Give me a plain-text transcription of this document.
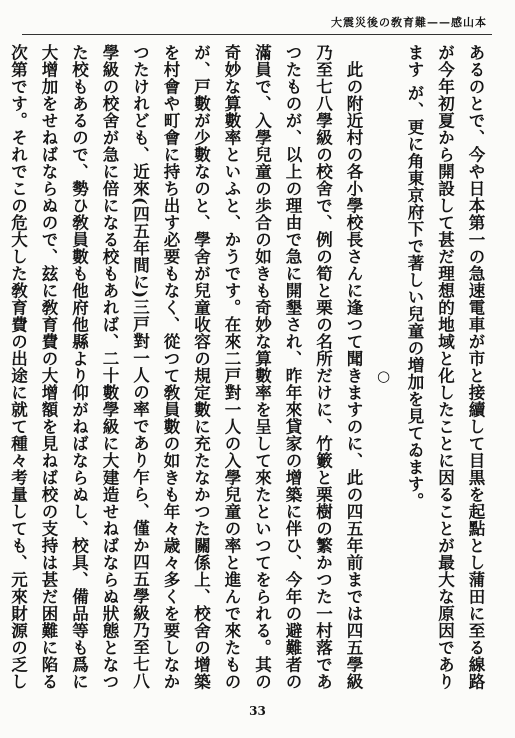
大震災後の敎育難——感山本

あるのとで、今や日本第一の急速電車が市と接續して目黒を起點とし蒲田に至る線路が今年初夏から開設して甚だ理想的地域と化したことに因ることが最大な原因であります が、更に角東京府下で著しい兒童の増加を見てゐます。

○

此の附近村の各小學校長さんに逢つて聞きますのに、此の四五年前までは四五學級乃至七八學級の校舍で、例の筍と栗の名所だけに、竹籔と栗樹の繁かつた一村落であつたものが、以上の理由で急に開墾され、昨年來貸家の增築に伴ひ、今年の避難者の滿員で、入學兒童の歩合の如きも奇妙な算數率を呈して來たといつてをられる。其の奇妙な算數率といふと、かうです。在來二戸對一人の入學兒童の率と進んで來たものが、戸數が少數なのと、學舍が兒童收容の規定數に充たなかつた關係上、校舍の增築を村會や町會に持ち出す必要もなく、從つて敎員數の如きも年々歳々多くを要しなかつたけれども、近來(四五年間に)三戸對一人の率であり乍ら、僅か四五學級乃至七八學級の校舍が急に倍になる校もあれば、二十數學級に大建造せねばならぬ狀態となつた校もあるので、勢ひ敎員數も他府他縣より仰がねばならぬし、校具、備品等も爲に大增加をせねばならぬので、玆に敎育費の大增額を見ねば校の支持は甚だ困難に陷る次第です。それでこの危大した敎育費の出途に就て種々考量しても、元來財源の乏し

33
